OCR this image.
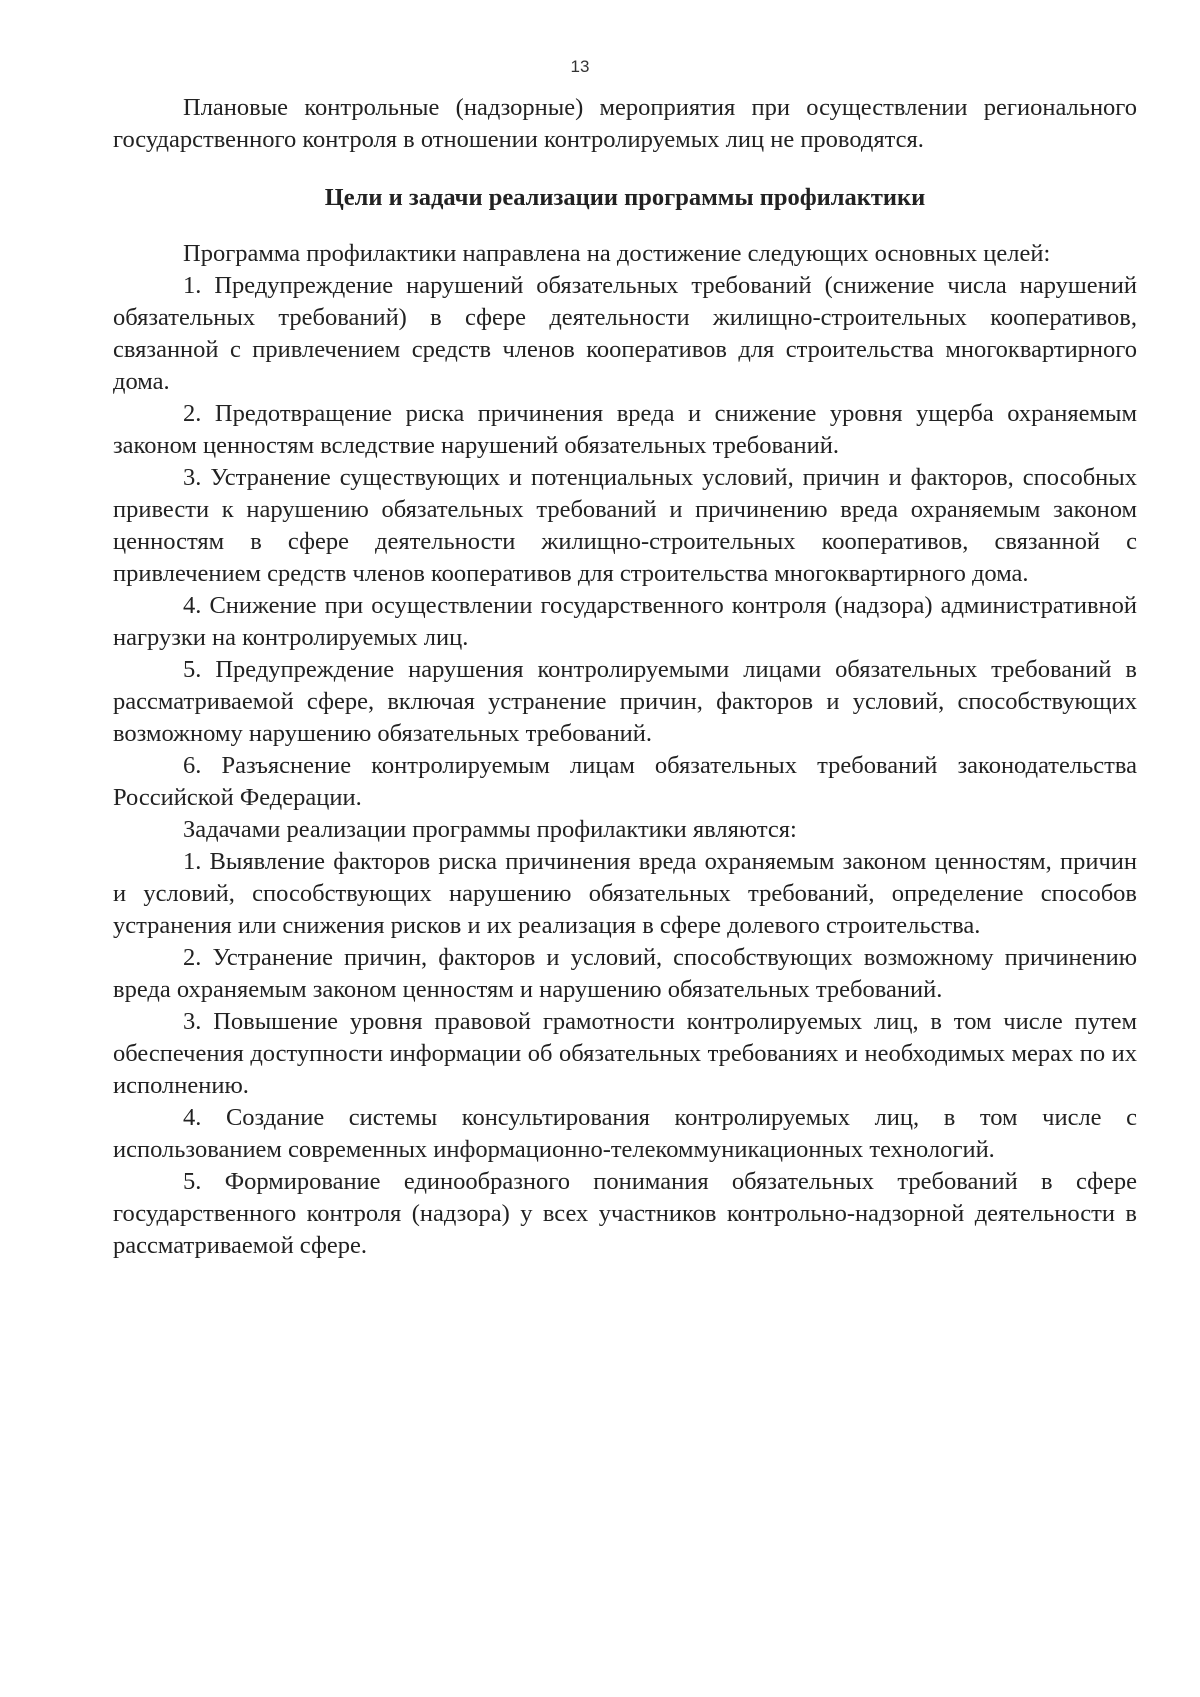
13

Плановые контрольные (надзорные) мероприятия при осуществлении регионального государственного контроля в отношении контролируемых лиц не проводятся.

Цели и задачи реализации программы профилактики

Программа профилактики направлена на достижение следующих основных целей:

1. Предупреждение нарушений обязательных требований (снижение числа нарушений обязательных требований) в сфере деятельности жилищно-строительных кооперативов, связанной с привлечением средств членов кооперативов для строительства многоквартирного дома.

2. Предотвращение риска причинения вреда и снижение уровня ущерба охраняемым законом ценностям вследствие нарушений обязательных требований.

3. Устранение существующих и потенциальных условий, причин и факторов, способных привести к нарушению обязательных требований и причинению вреда охраняемым законом ценностям в сфере деятельности жилищно-строительных кооперативов, связанной с привлечением средств членов кооперативов для строительства многоквартирного дома.

4. Снижение при осуществлении государственного контроля (надзора) административной нагрузки на контролируемых лиц.

5. Предупреждение нарушения контролируемыми лицами обязательных требований в рассматриваемой сфере, включая устранение причин, факторов и условий, способствующих возможному нарушению обязательных требований.

6. Разъяснение контролируемым лицам обязательных требований законодательства Российской Федерации.

Задачами реализации программы профилактики являются:

1. Выявление факторов риска причинения вреда охраняемым законом ценностям, причин и условий, способствующих нарушению обязательных требований, определение способов устранения или снижения рисков и их реализация в сфере долевого строительства.

2. Устранение причин, факторов и условий, способствующих возможному причинению вреда охраняемым законом ценностям и нарушению обязательных требований.

3. Повышение уровня правовой грамотности контролируемых лиц, в том числе путем обеспечения доступности информации об обязательных требованиях и необходимых мерах по их исполнению.

4. Создание системы консультирования контролируемых лиц, в том числе с использованием современных информационно-телекоммуникационных технологий.

5. Формирование единообразного понимания обязательных требований в сфере государственного контроля (надзора) у всех участников контрольно-надзорной деятельности в рассматриваемой сфере.
